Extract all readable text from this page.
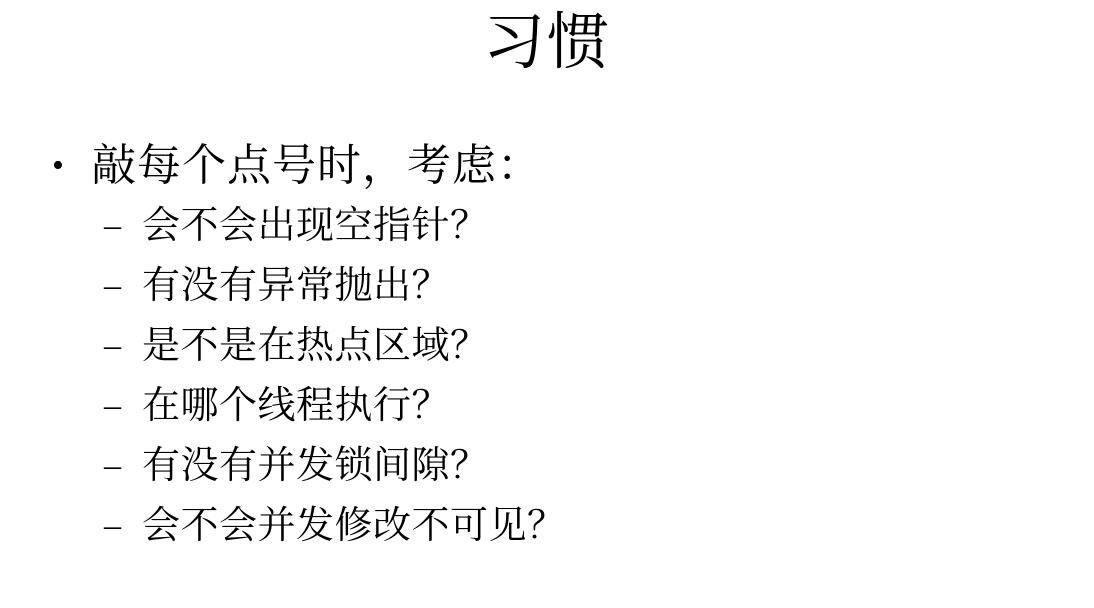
习惯
• 敲每个点号时，考虑：
– 会不会出现空指针？
– 有没有异常抛出？
– 是不是在热点区域？
– 在哪个线程执行？
– 有没有并发锁间隙？
– 会不会并发修改不可见？
